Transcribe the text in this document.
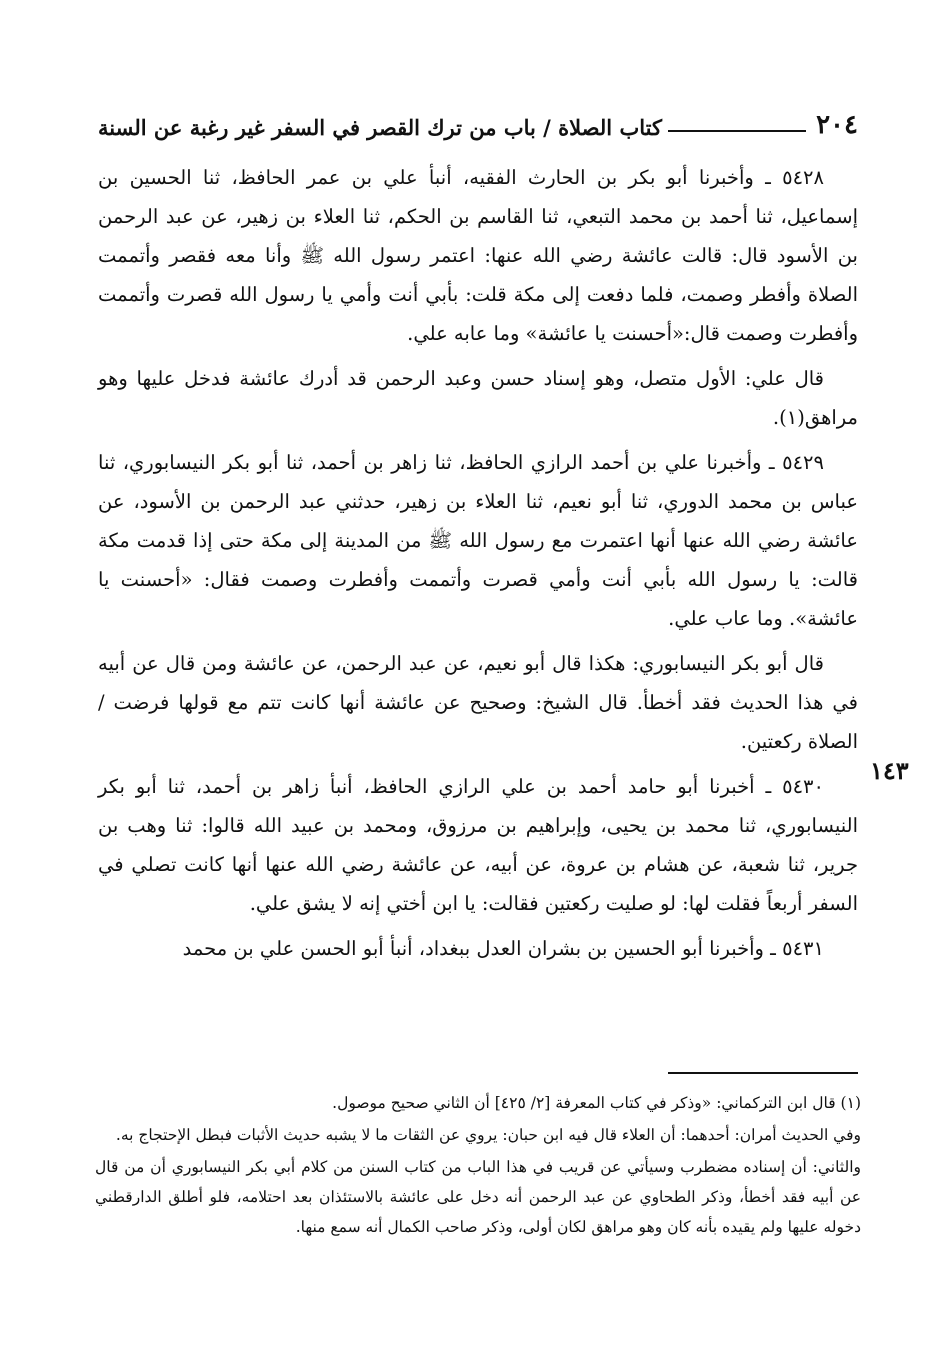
٢٠٤
كتاب الصلاة / باب من ترك القصر في السفر غير رغبة عن السنة

٥٤٢٨ ـ وأخبرنا أبو بكر بن الحارث الفقيه، أنبأ علي بن عمر الحافظ، ثنا الحسين بن إسماعيل، ثنا أحمد بن محمد التبعي، ثنا القاسم بن الحكم، ثنا العلاء بن زهير، عن عبد الرحمن بن الأسود قال: قالت عائشة رضي الله عنها: اعتمر رسول الله ﷺ وأنا معه فقصر وأتممت الصلاة وأفطر وصمت، فلما دفعت إلى مكة قلت: بأبي أنت وأمي يا رسول الله قصرت وأتممت وأفطرت وصمت قال:«أحسنت يا عائشة» وما عابه علي.

قال علي: الأول متصل، وهو إسناد حسن وعبد الرحمن قد أدرك عائشة فدخل عليها وهو مراهق(١).

٥٤٢٩ ـ وأخبرنا علي بن أحمد الرازي الحافظ، ثنا زاهر بن أحمد، ثنا أبو بكر النيسابوري، ثنا عباس بن محمد الدوري، ثنا أبو نعيم، ثنا العلاء بن زهير، حدثني عبد الرحمن بن الأسود، عن عائشة رضي الله عنها أنها اعتمرت مع رسول الله ﷺ من المدينة إلى مكة حتى إذا قدمت مكة قالت: يا رسول الله بأبي أنت وأمي قصرت وأتممت وأفطرت وصمت فقال: «أحسنت يا عائشة». وما عاب علي.

قال أبو بكر النيسابوري: هكذا قال أبو نعيم، عن عبد الرحمن، عن عائشة ومن قال عن أبيه في هذا الحديث فقد أخطأ. قال الشيخ: وصحيح عن عائشة أنها كانت تتم مع قولها فرضت / الصلاة ركعتين.

٥٤٣٠ ـ أخبرنا أبو حامد أحمد بن علي الرازي الحافظ، أنبأ زاهر بن أحمد، ثنا أبو بكر النيسابوري، ثنا محمد بن يحيى، وإبراهيم بن مرزوق، ومحمد بن عبيد الله قالوا: ثنا وهب بن جرير، ثنا شعبة، عن هشام بن عروة، عن أبيه، عن عائشة رضي الله عنها أنها كانت تصلي في السفر أربعاً فقلت لها: لو صليت ركعتين فقالت: يا ابن أختي إنه لا يشق علي.

٥٤٣١ ـ وأخبرنا أبو الحسين بن بشران العدل ببغداد، أنبأ أبو الحسن علي بن محمد

١٤٣

(١) قال ابن التركماني: «وذكر في كتاب المعرفة [٢/ ٤٢٥] أن الثاني صحيح موصول.

وفي الحديث أمران: أحدهما: أن العلاء قال فيه ابن حبان: يروي عن الثقات ما لا يشبه حديث الأثبات فبطل الإحتجاج به.

والثاني: أن إسناده مضطرب وسيأتي عن قريب في هذا الباب من كتاب السنن من كلام أبي بكر النيسابوري أن من قال عن أبيه فقد أخطأ، وذكر الطحاوي عن عبد الرحمن أنه دخل على عائشة بالاستئذان بعد احتلامه، فلو أطلق الدارقطني دخوله عليها ولم يقيده بأنه كان وهو مراهق لكان أولى، وذكر صاحب الكمال أنه سمع منها.
